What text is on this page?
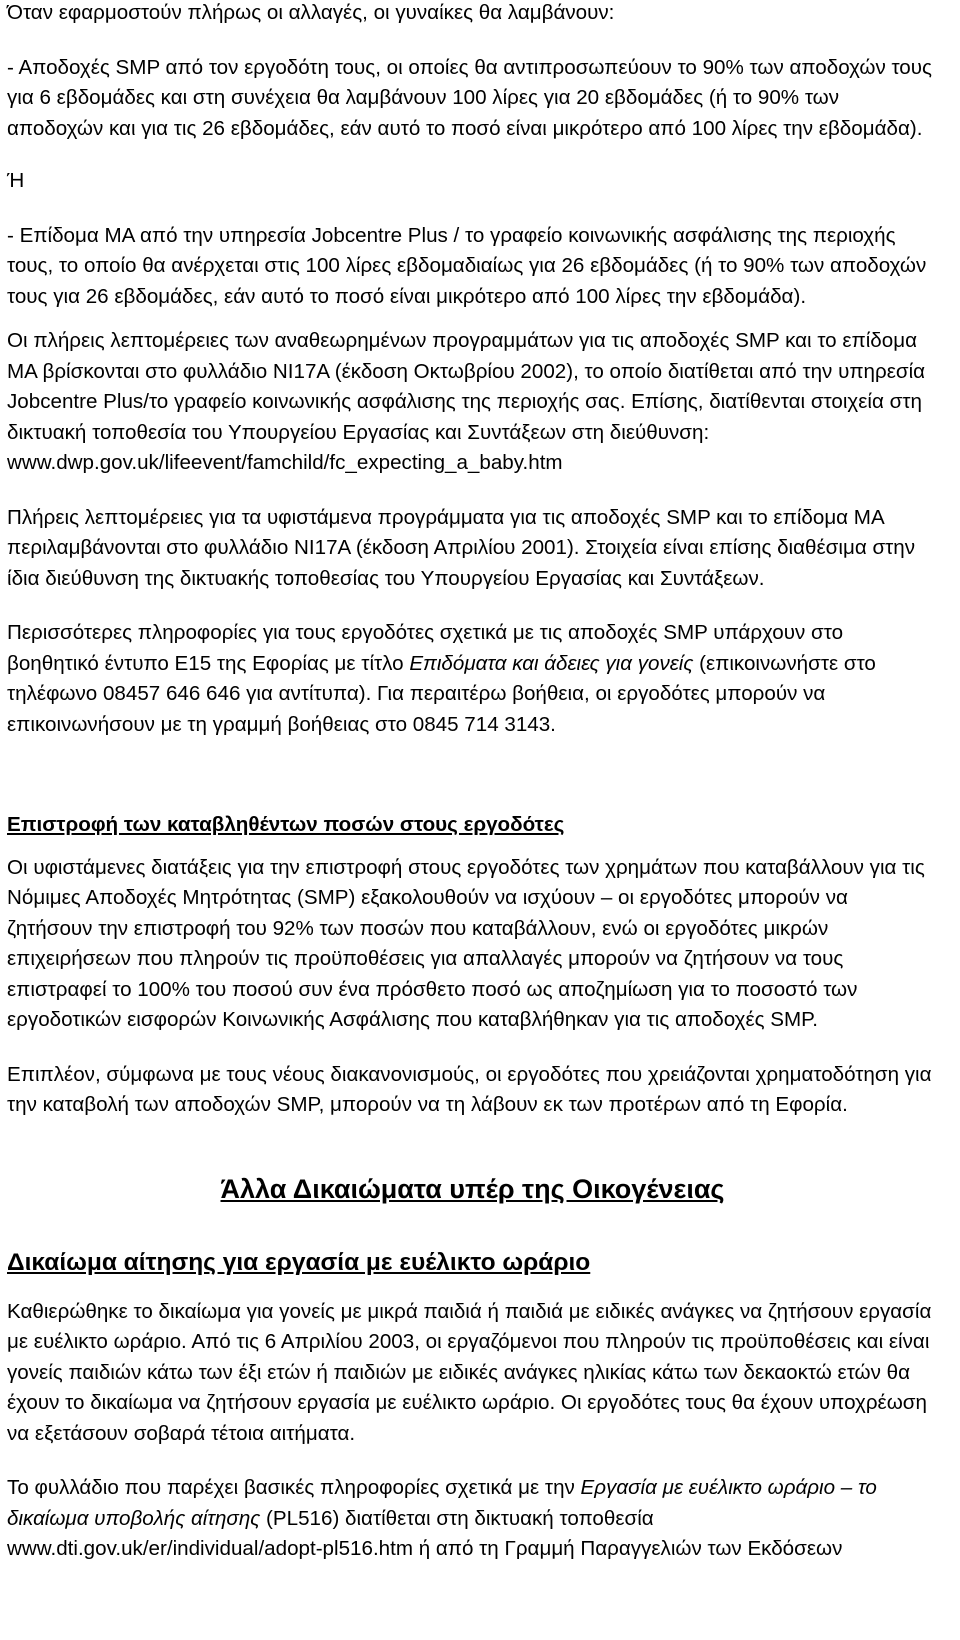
Όταν εφαρμοστούν πλήρως οι αλλαγές, οι γυναίκες θα λαμβάνουν:

- Αποδοχές SMP από τον εργοδότη τους, οι οποίες θα αντιπροσωπεύουν το 90% των αποδοχών τους για 6 εβδομάδες και στη συνέχεια θα λαμβάνουν 100 λίρες για 20 εβδομάδες (ή το 90% των αποδοχών και για τις 26 εβδομάδες, εάν αυτό το ποσό είναι μικρότερο από 100 λίρες την εβδομάδα).

Ή

- Επίδομα MA από την υπηρεσία Jobcentre Plus / το γραφείο κοινωνικής ασφάλισης της περιοχής τους, το οποίο θα ανέρχεται στις 100 λίρες εβδομαδιαίως για 26 εβδομάδες (ή το 90% των αποδοχών τους για 26 εβδομάδες, εάν αυτό το ποσό είναι μικρότερο από 100 λίρες την εβδομάδα).

Οι πλήρεις λεπτομέρειες των αναθεωρημένων προγραμμάτων για τις αποδοχές SMP και το επίδομα MA βρίσκονται στο φυλλάδιο NI17A (έκδοση Οκτωβρίου 2002), το οποίο διατίθεται από την υπηρεσία Jobcentre Plus/το γραφείο κοινωνικής ασφάλισης της περιοχής σας. Επίσης, διατίθενται στοιχεία στη δικτυακή τοποθεσία του Υπουργείου Εργασίας και Συντάξεων στη διεύθυνση: www.dwp.gov.uk/lifeevent/famchild/fc_expecting_a_baby.htm

Πλήρεις λεπτομέρειες για τα υφιστάμενα προγράμματα για τις αποδοχές SMP και το επίδομα MA περιλαμβάνονται στο φυλλάδιο NI17A (έκδοση Απριλίου 2001). Στοιχεία είναι επίσης διαθέσιμα στην ίδια διεύθυνση της δικτυακής τοποθεσίας του Υπουργείου Εργασίας και Συντάξεων.

Περισσότερες πληροφορίες για τους εργοδότες σχετικά με τις αποδοχές SMP υπάρχουν στο βοηθητικό έντυπο E15 της Εφορίας με τίτλο Επιδόματα και άδειες για γονείς (επικοινωνήστε στο τηλέφωνο 08457 646 646 για αντίτυπα). Για περαιτέρω βοήθεια, οι εργοδότες μπορούν να επικοινωνήσουν με τη γραμμή βοήθειας στο 0845 714 3143.

Επιστροφή των καταβληθέντων ποσών στους εργοδότες

Οι υφιστάμενες διατάξεις για την επιστροφή στους εργοδότες των χρημάτων που καταβάλλουν για τις Νόμιμες Αποδοχές Μητρότητας (SMP) εξακολουθούν να ισχύουν – οι εργοδότες μπορούν να ζητήσουν την επιστροφή του 92% των ποσών που καταβάλλουν, ενώ οι εργοδότες μικρών επιχειρήσεων που πληρούν τις προϋποθέσεις για απαλλαγές μπορούν να ζητήσουν να τους επιστραφεί το 100% του ποσού συν ένα πρόσθετο ποσό ως αποζημίωση για το ποσοστό των εργοδοτικών εισφορών Κοινωνικής Ασφάλισης που καταβλήθηκαν για τις αποδοχές SMP.

Επιπλέον, σύμφωνα με τους νέους διακανονισμούς, οι εργοδότες που χρειάζονται χρηματοδότηση για την καταβολή των αποδοχών SMP, μπορούν να τη λάβουν εκ των προτέρων από τη Εφορία.

Άλλα Δικαιώματα υπέρ της Οικογένειας

Δικαίωμα αίτησης για εργασία με ευέλικτο ωράριο

Καθιερώθηκε το δικαίωμα για γονείς με μικρά παιδιά ή παιδιά με ειδικές ανάγκες να ζητήσουν εργασία με ευέλικτο ωράριο. Από τις 6 Απριλίου 2003, οι εργαζόμενοι που πληρούν τις προϋποθέσεις και είναι γονείς παιδιών κάτω των έξι ετών ή παιδιών με ειδικές ανάγκες ηλικίας κάτω των δεκαοκτώ ετών θα έχουν το δικαίωμα να ζητήσουν εργασία με ευέλικτο ωράριο. Οι εργοδότες τους θα έχουν υποχρέωση να εξετάσουν σοβαρά τέτοια αιτήματα.

Το φυλλάδιο που παρέχει βασικές πληροφορίες σχετικά με την Εργασία με ευέλικτο ωράριο – το δικαίωμα υποβολής αίτησης (PL516) διατίθεται στη δικτυακή τοποθεσία www.dti.gov.uk/er/individual/adopt-pl516.htm ή από τη Γραμμή Παραγγελιών των Εκδόσεων
